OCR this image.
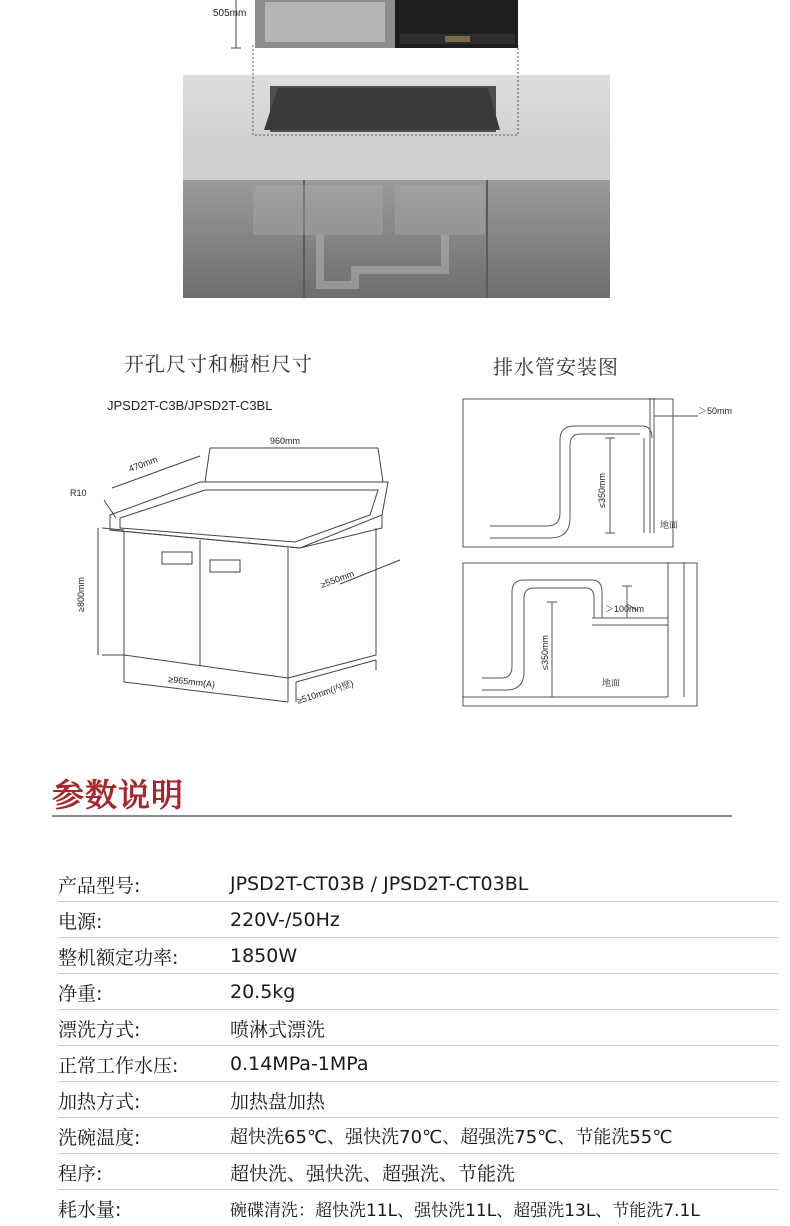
505mm
开孔尺寸和橱柜尺寸
JPSD2T-C3B/JPSD2T-C3BL
排水管安装图
470mm
960mm
R10
≥800mm	≥550mm
≥965mm(A)	≥510mm(内壁)
＞50mm
≤350mm
地面
＞100mm
≤350mm
地面
参数说明
产品型号:	JPSD2T-CT03B / JPSD2T-CT03BL
电源:	220V-/50Hz
整机额定功率:	1850W
净重:	20.5kg
漂洗方式:	喷淋式漂洗
正常工作水压:	0.14MPa-1MPa
加热方式:	加热盘加热
洗碗温度:	超快洗65℃、强快洗70℃、超强洗75℃、节能洗55℃
程序:	超快洗、强快洗、超强洗、节能洗
耗水量:	碗碟清洗：超快洗11L、强快洗11L、超强洗13L、节能洗7.1L
